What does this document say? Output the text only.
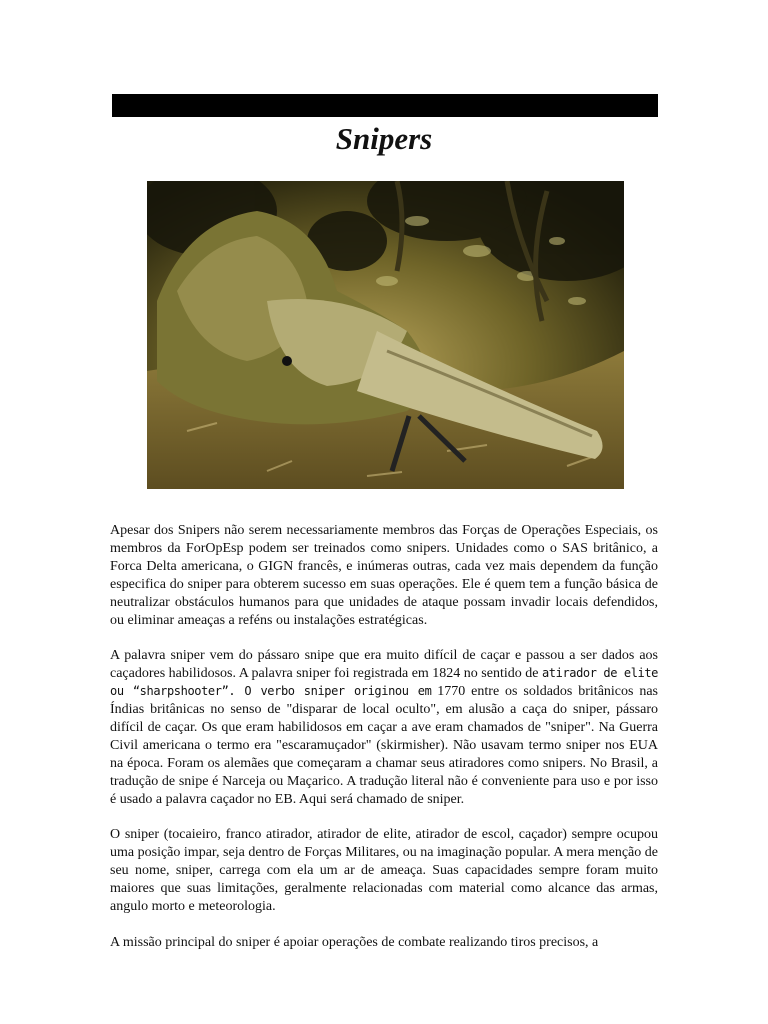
Snipers

Apesar dos Snipers não serem necessariamente membros das Forças de Operações Especiais, os membros da ForOpEsp podem ser treinados como snipers. Unidades como o SAS britânico, a Forca Delta americana, o GIGN francês, e inúmeras outras, cada vez mais dependem da função especifica do sniper para obterem sucesso em suas operações. Ele é quem tem a função básica de neutralizar obstáculos humanos para que unidades de ataque possam invadir locais defendidos, ou eliminar ameaças a reféns ou instalações estratégicas.

A palavra sniper vem do pássaro snipe que era muito difícil de caçar e passou a ser dados aos caçadores habilidosos. A palavra sniper foi registrada em 1824 no sentido de atirador de elite ou “sharpshooter”. O verbo sniper originou em 1770 entre os soldados britânicos nas Índias britânicas no senso de "disparar de local oculto", em alusão a caça do sniper, pássaro difícil de caçar. Os que eram habilidosos em caçar a ave eram chamados de "sniper". Na Guerra Civil americana o termo era "escaramuçador" (skirmisher). Não usavam termo sniper nos EUA na época. Foram os alemães que começaram a chamar seus atiradores como snipers. No Brasil, a tradução de snipe é Narceja ou Maçarico. A tradução literal não é conveniente para uso e por isso é usado a palavra caçador no EB. Aqui será chamado de sniper.

O sniper (tocaieiro, franco atirador, atirador de elite, atirador de escol, caçador) sempre ocupou uma posição impar, seja dentro de Forças Militares, ou na imaginação popular. A mera menção de seu nome, sniper, carrega com ela um ar de ameaça. Suas capacidades sempre foram muito maiores que suas limitações, geralmente relacionadas com material como alcance das armas, angulo morto e meteorologia.

A missão principal do sniper é apoiar operações de combate realizando tiros precisos, a
